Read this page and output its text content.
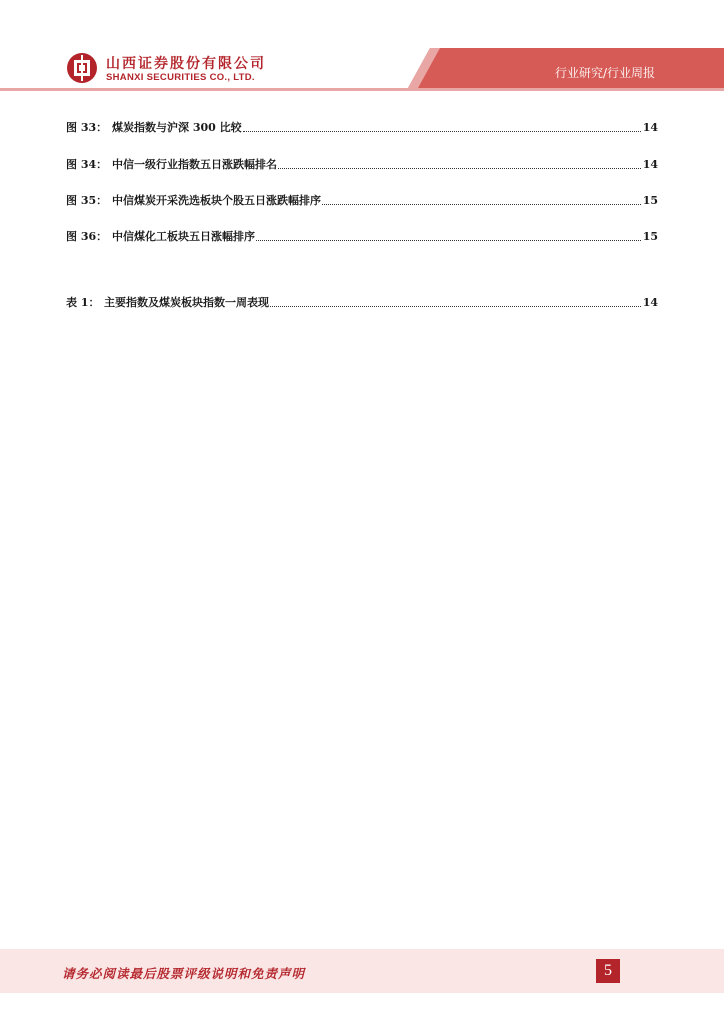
行业研究/行业周报
山西证券股份有限公司
SHANXI SECURITIES CO., LTD.
图 33： 煤炭指数与沪深 300 比较	14
图 34： 中信一级行业指数五日涨跌幅排名	14
图 35： 中信煤炭开采洗选板块个股五日涨跌幅排序	15
图 36： 中信煤化工板块五日涨幅排序	15
表 1： 主要指数及煤炭板块指数一周表现	14
请务必阅读最后股票评级说明和免责声明	5
